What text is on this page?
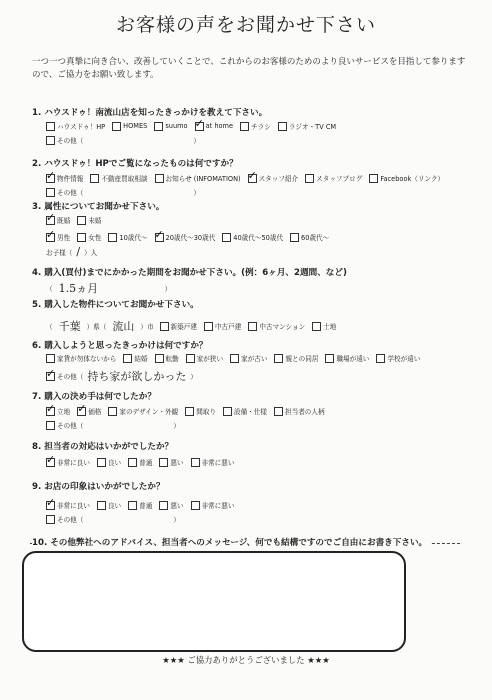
お客様の声をお聞かせ下さい
一つ一つ真摯に向き合い、改善していくことで、これからのお客様のためのより良いサービスを目指して参りますので、ご協力をお願い致します。
1. ハウスドゥ！南流山店を知ったきっかけを教えて下さい。
ハウスドゥ！HP	HOMES	suumo ✓	at home	チラシ	ラジオ・TV CM
その他（	）
2. ハウスドゥ！HPでご覧になったものは何ですか？
✓
物件情報	不動産買取相談	お知らせ (INFOMATION) ✓	スタッフ紹介	スタッフブログ	Facebook（リンク）
その他（	）
3. 属性についてお聞かせ下さい。
✓
既婚	未婚
✓
男性	女性	10歳代〜 ✓	20歳代〜30歳代	40歳代〜50歳代	60歳代〜
お子様（ / ）人
4. 購入(買付)までにかかった期間をお聞かせ下さい。(例：6ヶ月、2週間、など)
（ 1.5ヵ月	）
5. 購入した物件についてお聞かせ下さい。
（ 千葉 ）県（ 流山 ）市	新築戸建	中古戸建	中古マンション	土地
6. 購入しようと思ったきっかけは何ですか？
家賃が勿体ないから	結婚	転勤	家が狭い	家が古い	親との同居	職場が遠い	学校が遠い
✓
その他（ 持ち家が欲しかった ）
7. 購入の決め手は何でしたか？
✓
立地 ✓	価格	家のデザイン・外観	間取り	設備・仕様	担当者の人柄
その他（	）
8. 担当者の対応はいかがでしたか？
✓
非常に良い	良い	普通	悪い	非常に悪い
9. お店の印象はいかがでしたか？
✓
非常に良い	良い	普通	悪い	非常に悪い
その他（	）
10. その他弊社へのアドバイス、担当者へのメッセージ、何でも結構ですのでご自由にお書き下さい。
★★★ ご協力ありがとうございました ★★★
